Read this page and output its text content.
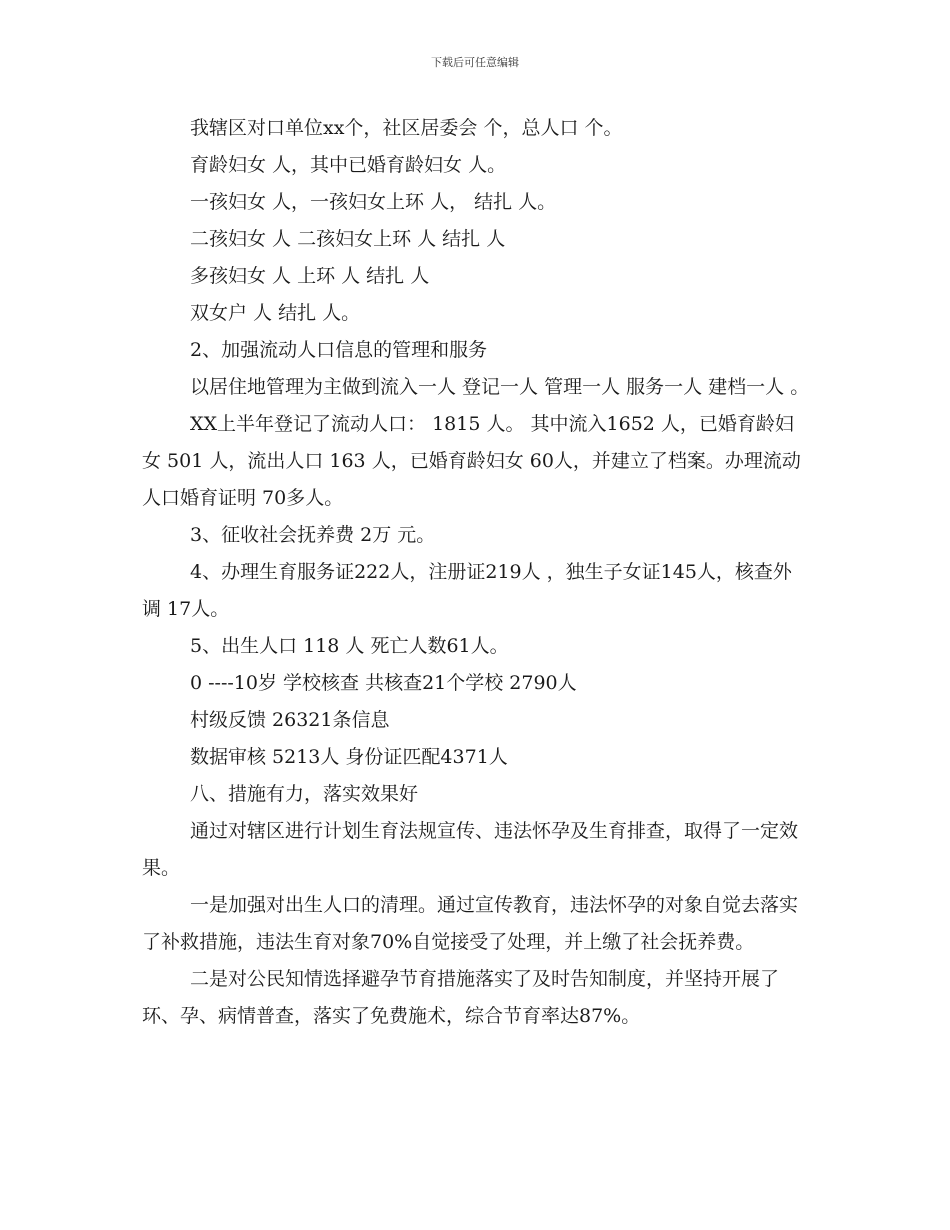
下载后可任意编辑

我辖区对口单位xx个，社区居委会 个，总人口 个。

育龄妇女 人，其中已婚育龄妇女 人。

一孩妇女 人，一孩妇女上环 人， 结扎 人。

二孩妇女 人 二孩妇女上环 人 结扎 人

多孩妇女 人 上环 人 结扎 人

双女户 人 结扎 人。

2、加强流动人口信息的管理和服务

以居住地管理为主做到流入一人 登记一人 管理一人 服务一人 建档一人 。

XX上半年登记了流动人口： 1815 人。 其中流入1652 人，已婚育龄妇女 501 人，流出人口 163 人，已婚育龄妇女 60人，并建立了档案。办理流动人口婚育证明 70多人。

3、征收社会抚养费 2万 元。

4、办理生育服务证222人，注册证219人 ，独生子女证145人，核查外调 17人。

5、出生人口 118 人 死亡人数61人。

0 ----10岁 学校核查 共核查21个学校 2790人

村级反馈 26321条信息

数据审核 5213人 身份证匹配4371人

八、措施有力，落实效果好

通过对辖区进行计划生育法规宣传、违法怀孕及生育排查，取得了一定效果。

一是加强对出生人口的清理。通过宣传教育，违法怀孕的对象自觉去落实了补救措施，违法生育对象70%自觉接受了处理，并上缴了社会抚养费。

二是对公民知情选择避孕节育措施落实了及时告知制度，并坚持开展了环、孕、病情普查，落实了免费施术，综合节育率达87%。
